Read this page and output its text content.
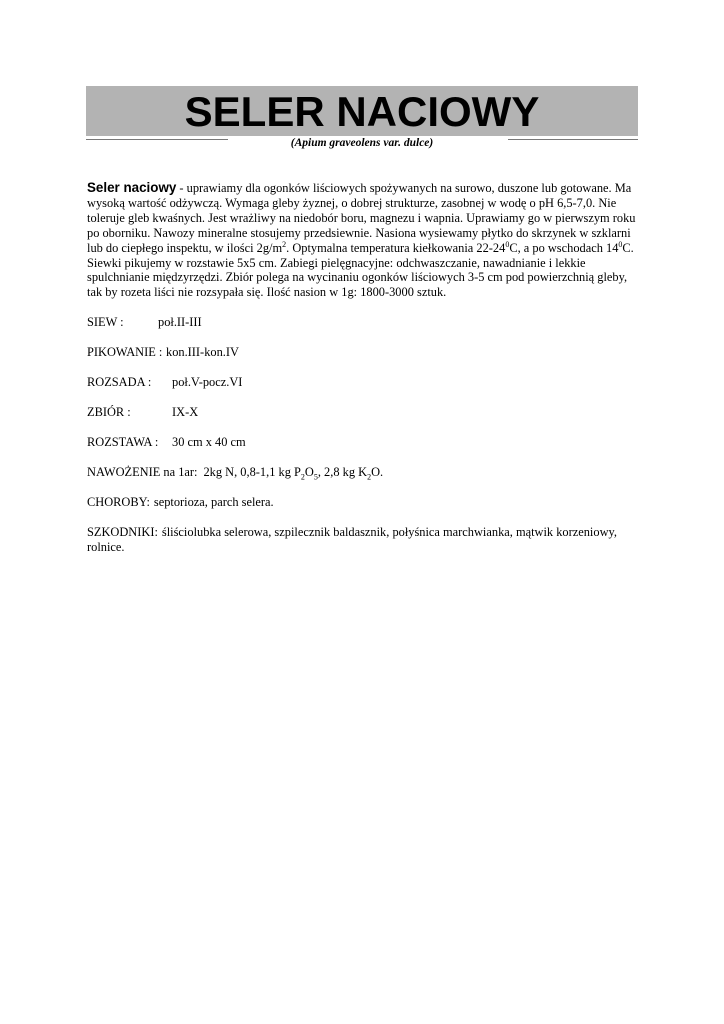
SELER NACIOWY
(Apium graveolens var. dulce)

Seler naciowy - uprawiamy dla ogonków liściowych spożywanych na surowo, duszone lub gotowane. Ma wysoką wartość odżywczą. Wymaga gleby żyznej, o dobrej strukturze, zasobnej w wodę o pH 6,5-7,0. Nie toleruje gleb kwaśnych. Jest wrażliwy na niedobór boru, magnezu i wapnia. Uprawiamy go w pierwszym roku po oborniku. Nawozy mineralne stosujemy przedsiewnie. Nasiona wysiewamy płytko do skrzynek w szklarni lub do ciepłego inspektu, w ilości $2g/m^2$. Optymalna temperatura kiełkowania $22-24^0C$, a po wschodach $14^0C$. Siewki pikujemy w rozstawie 5x5 cm. Zabiegi pielęgnacyjne: odchwaszczanie, nawadnianie i lekkie spulchnianie międzyrzędzi. Zbiór polega na wycinaniu ogonków liściowych 3-5 cm pod powierzchnią gleby, tak by rozeta liści nie rozsypała się. Ilość nasion w 1g: 1800-3000 sztuk.

SIEW :	poł.II-III

PIKOWANIE : kon.III-kon.IV

ROZSADA : poł.V-pocz.VI

ZBIÓR :	IX-X

ROZSTAWA : 30 cm x 40 cm

NAWOŻENIE na 1ar: 2kg N, 0,8-1,1 kg $P_2O_5$, 2,8 kg $K_2O$.

CHOROBY: septorioza, parch selera.

SZKODNIKI: śliściolubka selerowa, szpilecznik baldasznik, połyśnica marchwianka, mątwik korzeniowy, rolnice.
